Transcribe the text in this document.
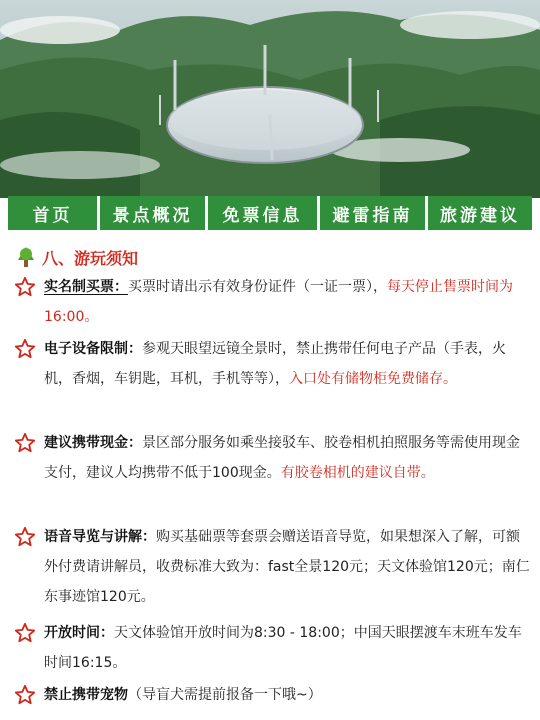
首页	景点概况	免票信息	避雷指南	旅游建议
八、游玩须知
实名制买票：买票时请出示有效身份证件（一证一票），每天停止售票时间为16:00。
电子设备限制：参观天眼望远镜全景时，禁止携带任何电子产品（手表，火机，香烟，车钥匙，耳机，手机等等），入口处有储物柜免费储存。
建议携带现金：景区部分服务如乘坐接驳车、胶卷相机拍照服务等需使用现金支付，建议人均携带不低于100现金。有胶卷相机的建议自带。
语音导览与讲解：购买基础票等套票会赠送语音导览，如果想深入了解，可额外付费请讲解员，收费标准大致为：fast全景120元；天文体验馆120元；南仁东事迹馆120元。
开放时间：天文体验馆开放时间为8:30 - 18:00；中国天眼摆渡车末班车发车时间16:15。
禁止携带宠物（导盲犬需提前报备一下哦~）
